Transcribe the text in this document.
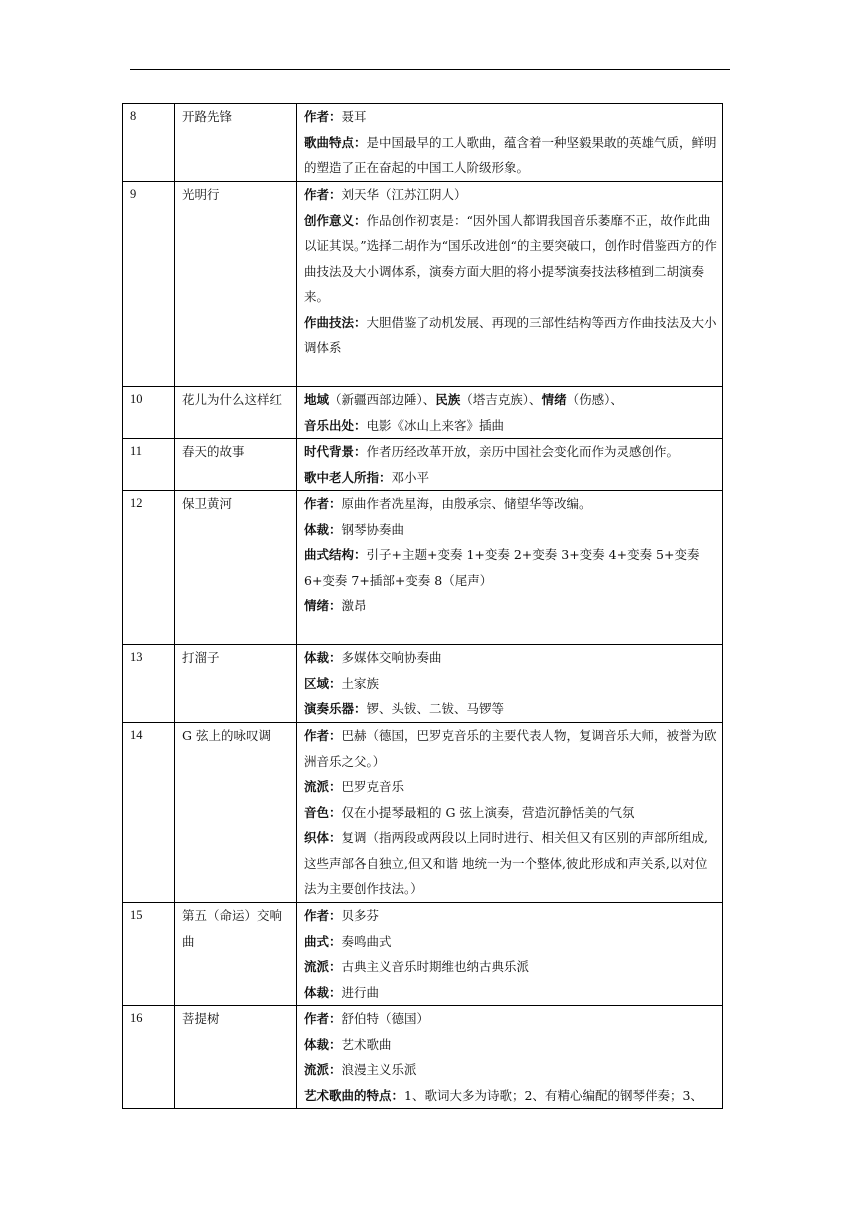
8	开路先锋	作者：聂耳
歌曲特点：是中国最早的工人歌曲，蕴含着一种坚毅果敢的英雄气质，鲜明的塑造了正在奋起的中国工人阶级形象。

9	光明行	作者：刘天华（江苏江阴人）
创作意义：作品创作初衷是：“因外国人都谓我国音乐萎靡不正，故作此曲以证其误。”选择二胡作为“国乐改进创“的主要突破口，创作时借鉴西方的作曲技法及大小调体系，演奏方面大胆的将小提琴演奏技法移植到二胡演奏来。
作曲技法：大胆借鉴了动机发展、再现的三部性结构等西方作曲技法及大小调体系

10	花儿为什么这样红	地域（新疆西部边陲）、民族（塔吉克族）、情绪（伤感）、
音乐出处：电影《冰山上来客》插曲

11	春天的故事	时代背景：作者历经改革开放，亲历中国社会变化而作为灵感创作。
歌中老人所指：邓小平

12	保卫黄河	作者：原曲作者冼星海，由殷承宗、储望华等改编。
体裁：钢琴协奏曲
曲式结构：引子+主题+变奏 1+变奏 2+变奏 3+变奏 4+变奏 5+变奏 6+变奏 7+插部+变奏 8（尾声）
情绪：激昂

13	打溜子	体裁：多媒体交响协奏曲
区域：土家族
演奏乐器：锣、头钹、二钹、马锣等

14	G 弦上的咏叹调	作者：巴赫（德国，巴罗克音乐的主要代表人物，复调音乐大师，被誉为欧洲音乐之父。）
流派：巴罗克音乐
音色：仅在小提琴最粗的 G 弦上演奏，营造沉静恬美的气氛
织体：复调（指两段或两段以上同时进行、相关但又有区别的声部所组成,这些声部各自独立,但又和谐 地统一为一个整体,彼此形成和声关系,以对位法为主要创作技法。）

15	第五（命运）交响曲	作者：贝多芬
曲式：奏鸣曲式
流派：古典主义音乐时期维也纳古典乐派
体裁：进行曲

16	菩提树	作者：舒伯特（德国）
体裁：艺术歌曲
流派：浪漫主义乐派
艺术歌曲的特点：1、歌词大多为诗歌；2、有精心编配的钢琴伴奏；3、
